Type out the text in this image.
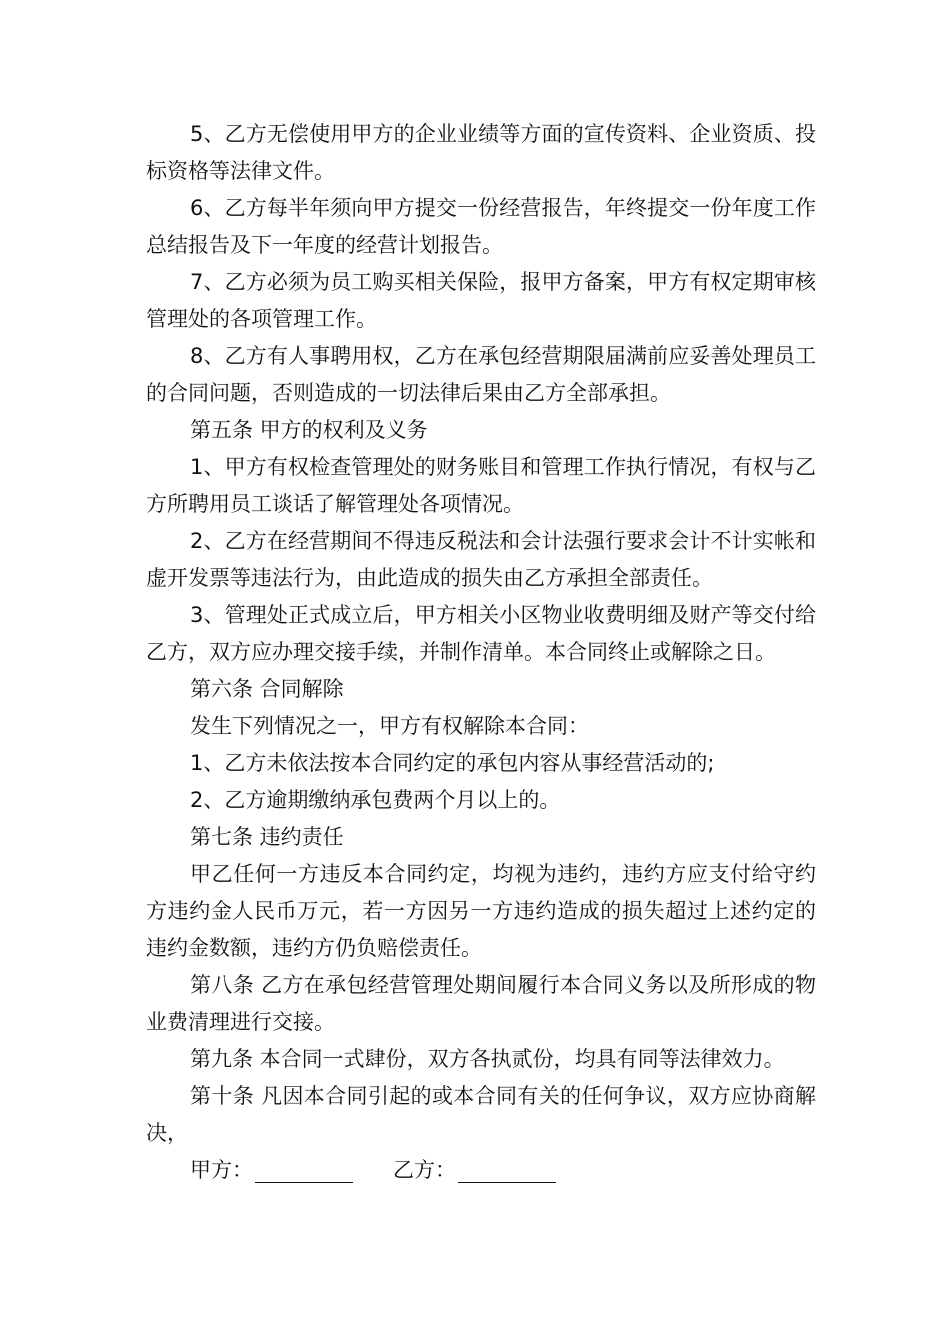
5、乙方无偿使用甲方的企业业绩等方面的宣传资料、企业资质、投标资格等法律文件。

6、乙方每半年须向甲方提交一份经营报告，年终提交一份年度工作总结报告及下一年度的经营计划报告。

7、乙方必须为员工购买相关保险，报甲方备案，甲方有权定期审核管理处的各项管理工作。

8、乙方有人事聘用权，乙方在承包经营期限届满前应妥善处理员工的合同问题，否则造成的一切法律后果由乙方全部承担。

第五条 甲方的权利及义务

1、甲方有权检查管理处的财务账目和管理工作执行情况，有权与乙方所聘用员工谈话了解管理处各项情况。

2、乙方在经营期间不得违反税法和会计法强行要求会计不计实帐和虚开发票等违法行为，由此造成的损失由乙方承担全部责任。

3、管理处正式成立后，甲方相关小区物业收费明细及财产等交付给乙方，双方应办理交接手续，并制作清单。本合同终止或解除之日。

第六条 合同解除

发生下列情况之一，甲方有权解除本合同：

1、乙方未依法按本合同约定的承包内容从事经营活动的;

2、乙方逾期缴纳承包费两个月以上的。

第七条 违约责任

甲乙任何一方违反本合同约定，均视为违约，违约方应支付给守约方违约金人民币万元，若一方因另一方违约造成的损失超过上述约定的违约金数额，违约方仍负赔偿责任。

第八条 乙方在承包经营管理处期间履行本合同义务以及所形成的物业费清理进行交接。

第九条 本合同一式肆份，双方各执贰份，均具有同等法律效力。

第十条 凡因本合同引起的或本合同有关的任何争议，双方应协商解决，

甲方：	乙方：
